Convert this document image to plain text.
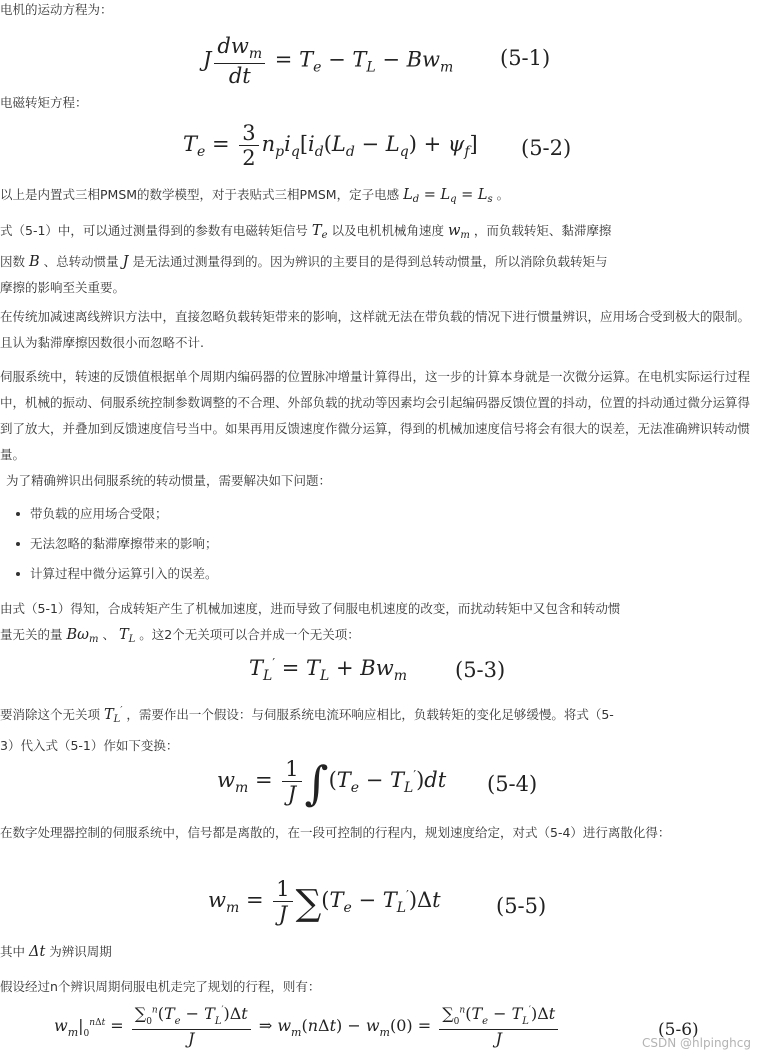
电机的运动方程为：

J $\frac{dw_m}{dt} = T_e - T_L - Bw_m$ (5-1)

电磁转矩方程：

$T_e = \frac{3}{2} n_pi_q[i_d(L_d - L_q) + \psi_f]$ (5-2)

以上是内置式三相PMSM的数学模型，对于表贴式三相PMSM，定子电感 $L_d = L_q = L_s$ 。

式（5-1）中，可以通过测量得到的参数有电磁转矩信号 $T_e$ 以及电机机械角速度 $w_m$ ，而负载转矩、黏滞摩擦
因数 B 、总转动惯量 J 是无法通过测量得到的。因为辨识的主要目的是得到总转动惯量，所以消除负载转矩与
摩擦的影响至关重要。

在传统加减速离线辨识方法中，直接忽略负载转矩带来的影响，这样就无法在带负载的情况下进行惯量辨识，应用场合受到极大的限制。且认为黏滞摩擦因数很小而忽略不计.

伺服系统中，转速的反馈值根据单个周期内编码器的位置脉冲增量计算得出，这一步的计算本身就是一次微分运算。在电机实际运行过程中，机械的振动、伺服系统控制参数调整的不合理、外部负载的扰动等因素均会引起编码器反馈位置的抖动，位置的抖动通过微分运算得到了放大，并叠加到反馈速度信号当中。如果再用反馈速度作微分运算，得到的机械加速度信号将会有很大的误差，无法准确辨识转动惯量。

为了精确辨识出伺服系统的转动惯量，需要解决如下问题：

带负载的应用场合受限；
无法忽略的黏滞摩擦带来的影响；
计算过程中微分运算引入的误差。
由式（5-1）得知，合成转矩产生了机械加速度，进而导致了伺服电机速度的改变，而扰动转矩中又包含和转动惯
量无关的量 $B\omega_m$ 、 $T_L$ 。这2个无关项可以合并成一个无关项：
$T_L' = T_L + Bw_m$ (5-3)
要消除这个无关项 $T_L'$ ，需要作出一个假设：与伺服系统电流环响应相比，负载转矩的变化足够缓慢。将式（5-
3）代入式（5-1）作如下变换：
$w_m = \frac{1}{J} \int(T_e - T_L')dt$ (5-4)

在数字处理器控制的伺服系统中，信号都是离散的，在一段可控制的行程内，规划速度给定，对式（5-4）进行离散化得：

$w_m = \frac{1}{J} \sum(T_e - T_L')\Delta t$	(5-5)

其中 Δt 为辨识周期

假设经过n个辨识周期伺服电机走完了规划的行程，则有：

$w_m|_0^{n\Delta t} = \frac{\sum_0^n(T_e - T_L')\Delta t}{J}$ ⇒ $w_m(n\Delta t) - w_m(0) = \frac{\sum_0^n(T_e - T_L')\Delta t}{J}$	(5-6)
CSDN @hlpinghcg
